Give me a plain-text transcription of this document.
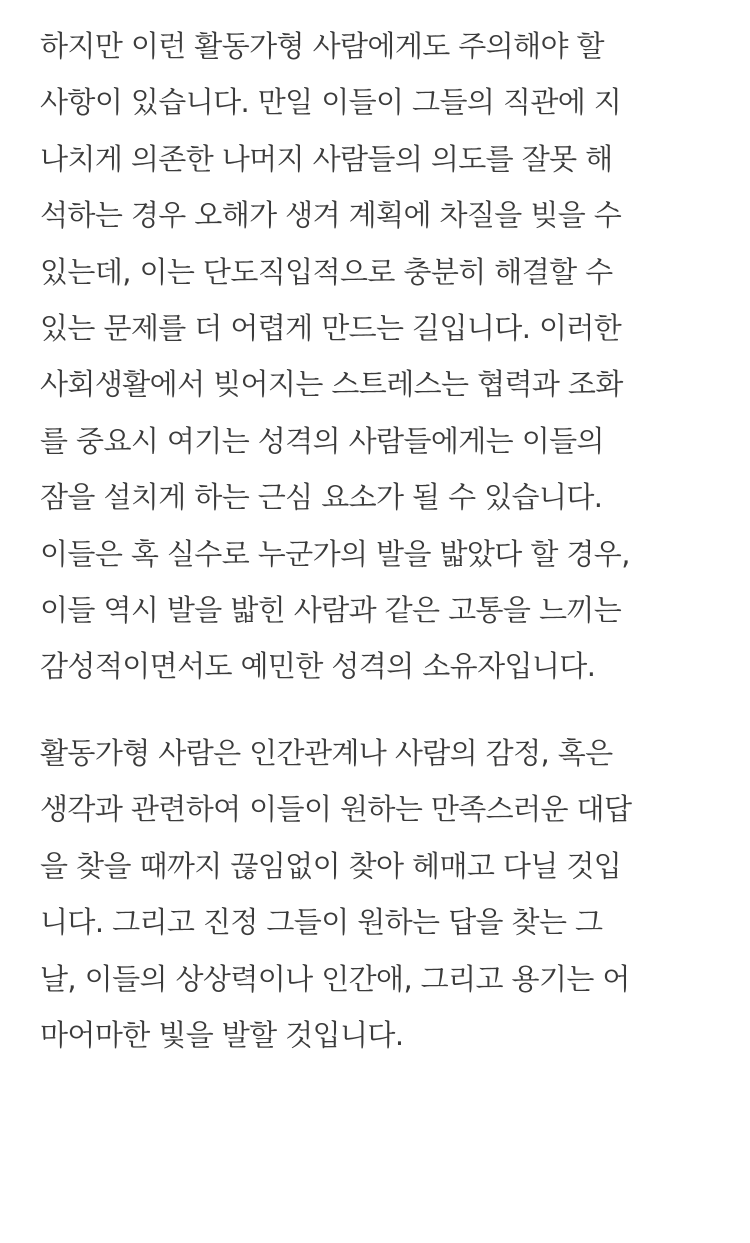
하지만 이런 활동가형 사람에게도 주의해야 할
사항이 있습니다. 만일 이들이 그들의 직관에 지
나치게 의존한 나머지 사람들의 의도를 잘못 해
석하는 경우 오해가 생겨 계획에 차질을 빚을 수
있는데, 이는 단도직입적으로 충분히 해결할 수
있는 문제를 더 어렵게 만드는 길입니다. 이러한
사회생활에서 빚어지는 스트레스는 협력과 조화
를 중요시 여기는 성격의 사람들에게는 이들의
잠을 설치게 하는 근심 요소가 될 수 있습니다.
이들은 혹 실수로 누군가의 발을 밟았다 할 경우,
이들 역시 발을 밟힌 사람과 같은 고통을 느끼는
감성적이면서도 예민한 성격의 소유자입니다.

활동가형 사람은 인간관계나 사람의 감정, 혹은
생각과 관련하여 이들이 원하는 만족스러운 대답
을 찾을 때까지 끊임없이 찾아 헤매고 다닐 것입
니다. 그리고 진정 그들이 원하는 답을 찾는 그
날, 이들의 상상력이나 인간애, 그리고 용기는 어
마어마한 빛을 발할 것입니다.
